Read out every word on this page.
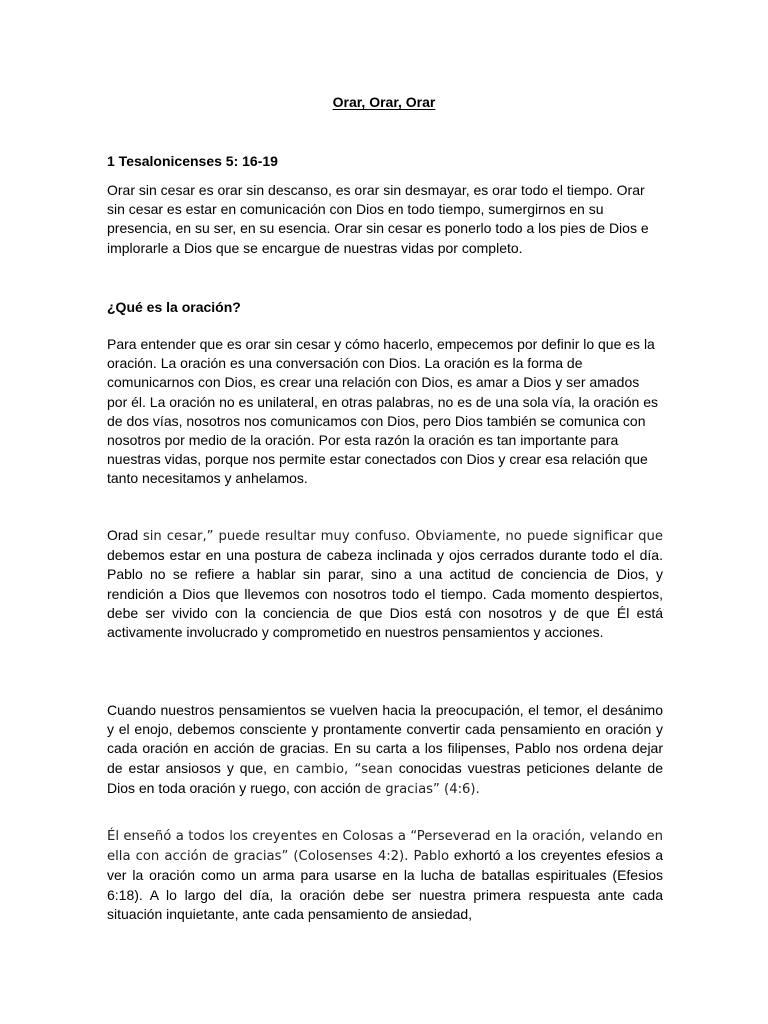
Orar, Orar, Orar

1 Tesalonicenses 5: 16-19

Orar sin cesar es orar sin descanso, es orar sin desmayar, es orar todo el tiempo. Orar sin cesar es estar en comunicación con Dios en todo tiempo, sumergirnos en su presencia, en su ser, en su esencia. Orar sin cesar es ponerlo todo a los pies de Dios e implorarle a Dios que se encargue de nuestras vidas por completo.

¿Qué es la oración?

Para entender que es orar sin cesar y cómo hacerlo, empecemos por definir lo que es la oración. La oración es una conversación con Dios. La oración es la forma de comunicarnos con Dios, es crear una relación con Dios, es amar a Dios y ser amados por él. La oración no es unilateral, en otras palabras, no es de una sola vía, la oración es de dos vías, nosotros nos comunicamos con Dios, pero Dios también se comunica con nosotros por medio de la oración. Por esta razón la oración es tan importante para nuestras vidas, porque nos permite estar conectados con Dios y crear esa relación que tanto necesitamos y anhelamos.

Orad sin cesar,” puede resultar muy confuso. Obviamente, no puede significar que debemos estar en una postura de cabeza inclinada y ojos cerrados durante todo el día. Pablo no se refiere a hablar sin parar, sino a una actitud de conciencia de Dios, y rendición a Dios que llevemos con nosotros todo el tiempo. Cada momento despiertos, debe ser vivido con la conciencia de que Dios está con nosotros y de que Él está activamente involucrado y comprometido en nuestros pensamientos y acciones.

Cuando nuestros pensamientos se vuelven hacia la preocupación, el temor, el desánimo y el enojo, debemos consciente y prontamente convertir cada pensamiento en oración y cada oración en acción de gracias. En su carta a los filipenses, Pablo nos ordena dejar de estar ansiosos y que, en cambio, “sean conocidas vuestras peticiones delante de Dios en toda oración y ruego, con acción de gracias” (4:6).

Él enseñó a todos los creyentes en Colosas a “Perseverad en la oración, velando en ella con acción de gracias” (Colosenses 4:2). Pablo exhortó a los creyentes efesios a ver la oración como un arma para usarse en la lucha de batallas espirituales (Efesios 6:18). A lo largo del día, la oración debe ser nuestra primera respuesta ante cada situación inquietante, ante cada pensamiento de ansiedad,
